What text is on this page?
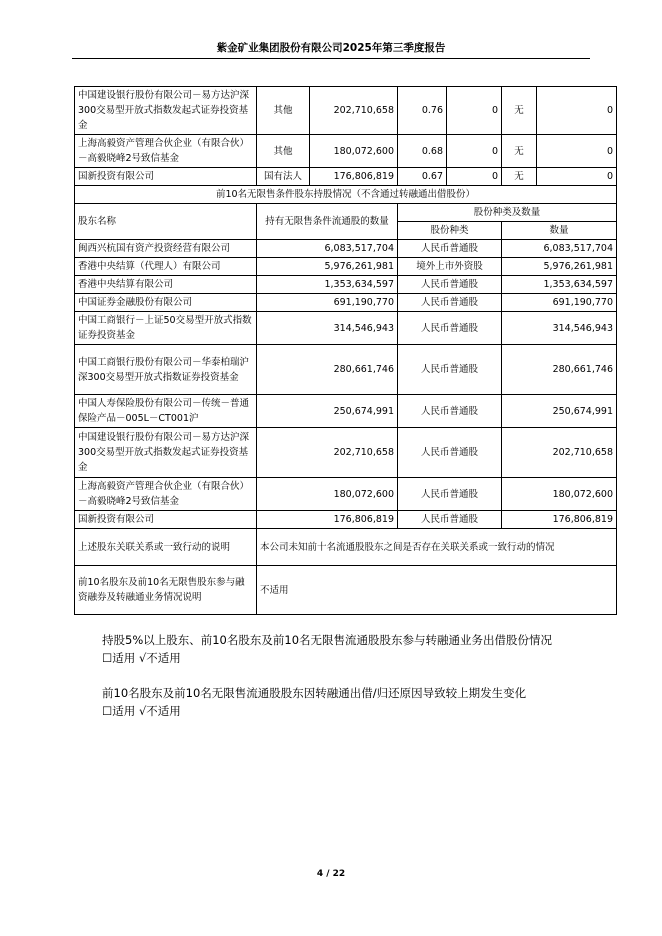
紫金矿业集团股份有限公司2025年第三季度报告
中国建设银行股份有限公司－易方达沪深300交易型开放式指数发起式证券投资基金	其他	202,710,658	0.76	0	无	0
上海高毅资产管理合伙企业（有限合伙）－高毅晓峰2号致信基金	其他	180,072,600	0.68	0	无	0
国新投资有限公司	国有法人	176,806,819	0.67	0	无	0
前10名无限售条件股东持股情况（不含通过转融通出借股份）						
股东名称	持有无限售条件流通股的数量		股份种类及数量			
			股份种类		数量	
闽西兴杭国有资产投资经营有限公司	6,083,517,704		人民币普通股		6,083,517,704	
香港中央结算（代理人）有限公司	5,976,261,981		境外上市外资股		5,976,261,981	
香港中央结算有限公司	1,353,634,597		人民币普通股		1,353,634,597	
中国证券金融股份有限公司	691,190,770		人民币普通股		691,190,770	
中国工商银行－上证50交易型开放式指数证券投资基金	314,546,943		人民币普通股		314,546,943	
中国工商银行股份有限公司－华泰柏瑞沪深300交易型开放式指数证券投资基金	280,661,746		人民币普通股		280,661,746	
中国人寿保险股份有限公司－传统－普通保险产品－005L－CT001沪	250,674,991		人民币普通股		250,674,991	
中国建设银行股份有限公司－易方达沪深300交易型开放式指数发起式证券投资基金	202,710,658		人民币普通股		202,710,658	
上海高毅资产管理合伙企业（有限合伙）－高毅晓峰2号致信基金	180,072,600		人民币普通股		180,072,600	
国新投资有限公司	176,806,819		人民币普通股		176,806,819	
上述股东关联关系或一致行动的说明	本公司未知前十名流通股股东之间是否存在关联关系或一致行动的情况					
前10名股东及前10名无限售股东参与融资融券及转融通业务情况说明	不适用					
持股5%以上股东、前10名股东及前10名无限售流通股股东参与转融通业务出借股份情况
☐适用 √不适用
前10名股东及前10名无限售流通股股东因转融通出借/归还原因导致较上期发生变化
☐适用 √不适用
4 / 22
